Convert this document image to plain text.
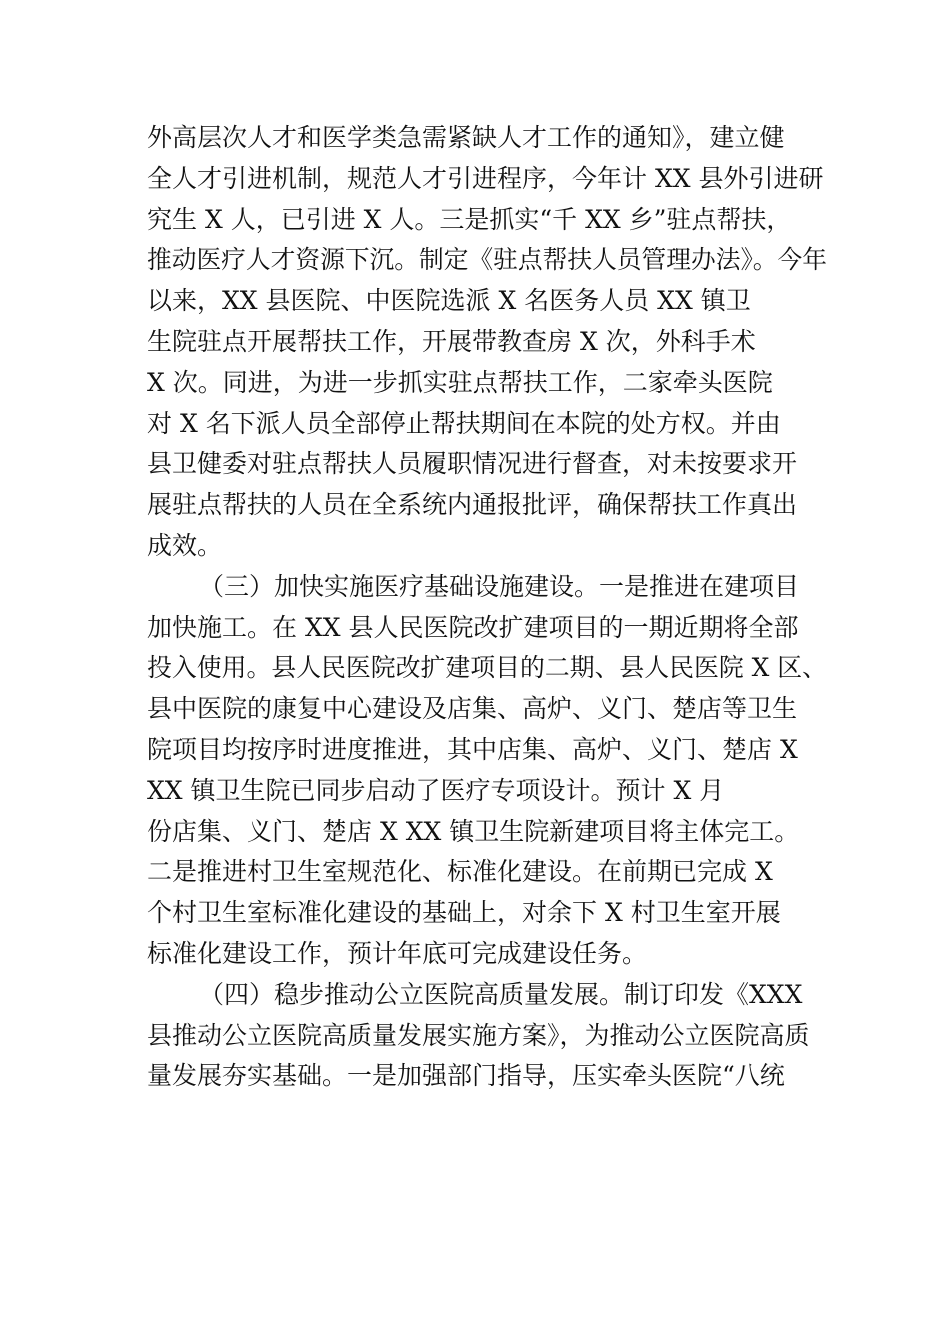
外高层次人才和医学类急需紧缺人才工作的通知》，建立健
全人才引进机制，规范人才引进程序，今年计 XX 县外引进研
究生 X 人，已引进 X 人。三是抓实“千 XX 乡”驻点帮扶，
推动医疗人才资源下沉。制定《驻点帮扶人员管理办法》。今年
以来，XX 县医院、中医院选派 X 名医务人员 XX 镇卫
生院驻点开展帮扶工作，开展带教查房 X 次，外科手术
X 次。同进，为进一步抓实驻点帮扶工作，二家牵头医院
对 X 名下派人员全部停止帮扶期间在本院的处方权。并由
县卫健委对驻点帮扶人员履职情况进行督查，对未按要求开
展驻点帮扶的人员在全系统内通报批评，确保帮扶工作真出
成效。
（三）加快实施医疗基础设施建设。一是推进在建项目
加快施工。在 XX 县人民医院改扩建项目的一期近期将全部
投入使用。县人民医院改扩建项目的二期、县人民医院 X 区、
县中医院的康复中心建设及店集、高炉、义门、楚店等卫生
院项目均按序时进度推进，其中店集、高炉、义门、楚店 X
XX 镇卫生院已同步启动了医疗专项设计。预计 X 月
份店集、义门、楚店 X XX 镇卫生院新建项目将主体完工。
二是推进村卫生室规范化、标准化建设。在前期已完成 X
个村卫生室标准化建设的基础上，对余下 X 村卫生室开展
标准化建设工作，预计年底可完成建设任务。
（四）稳步推动公立医院高质量发展。制订印发《XXX
县推动公立医院高质量发展实施方案》，为推动公立医院高质
量发展夯实基础。一是加强部门指导，压实牵头医院“八统
